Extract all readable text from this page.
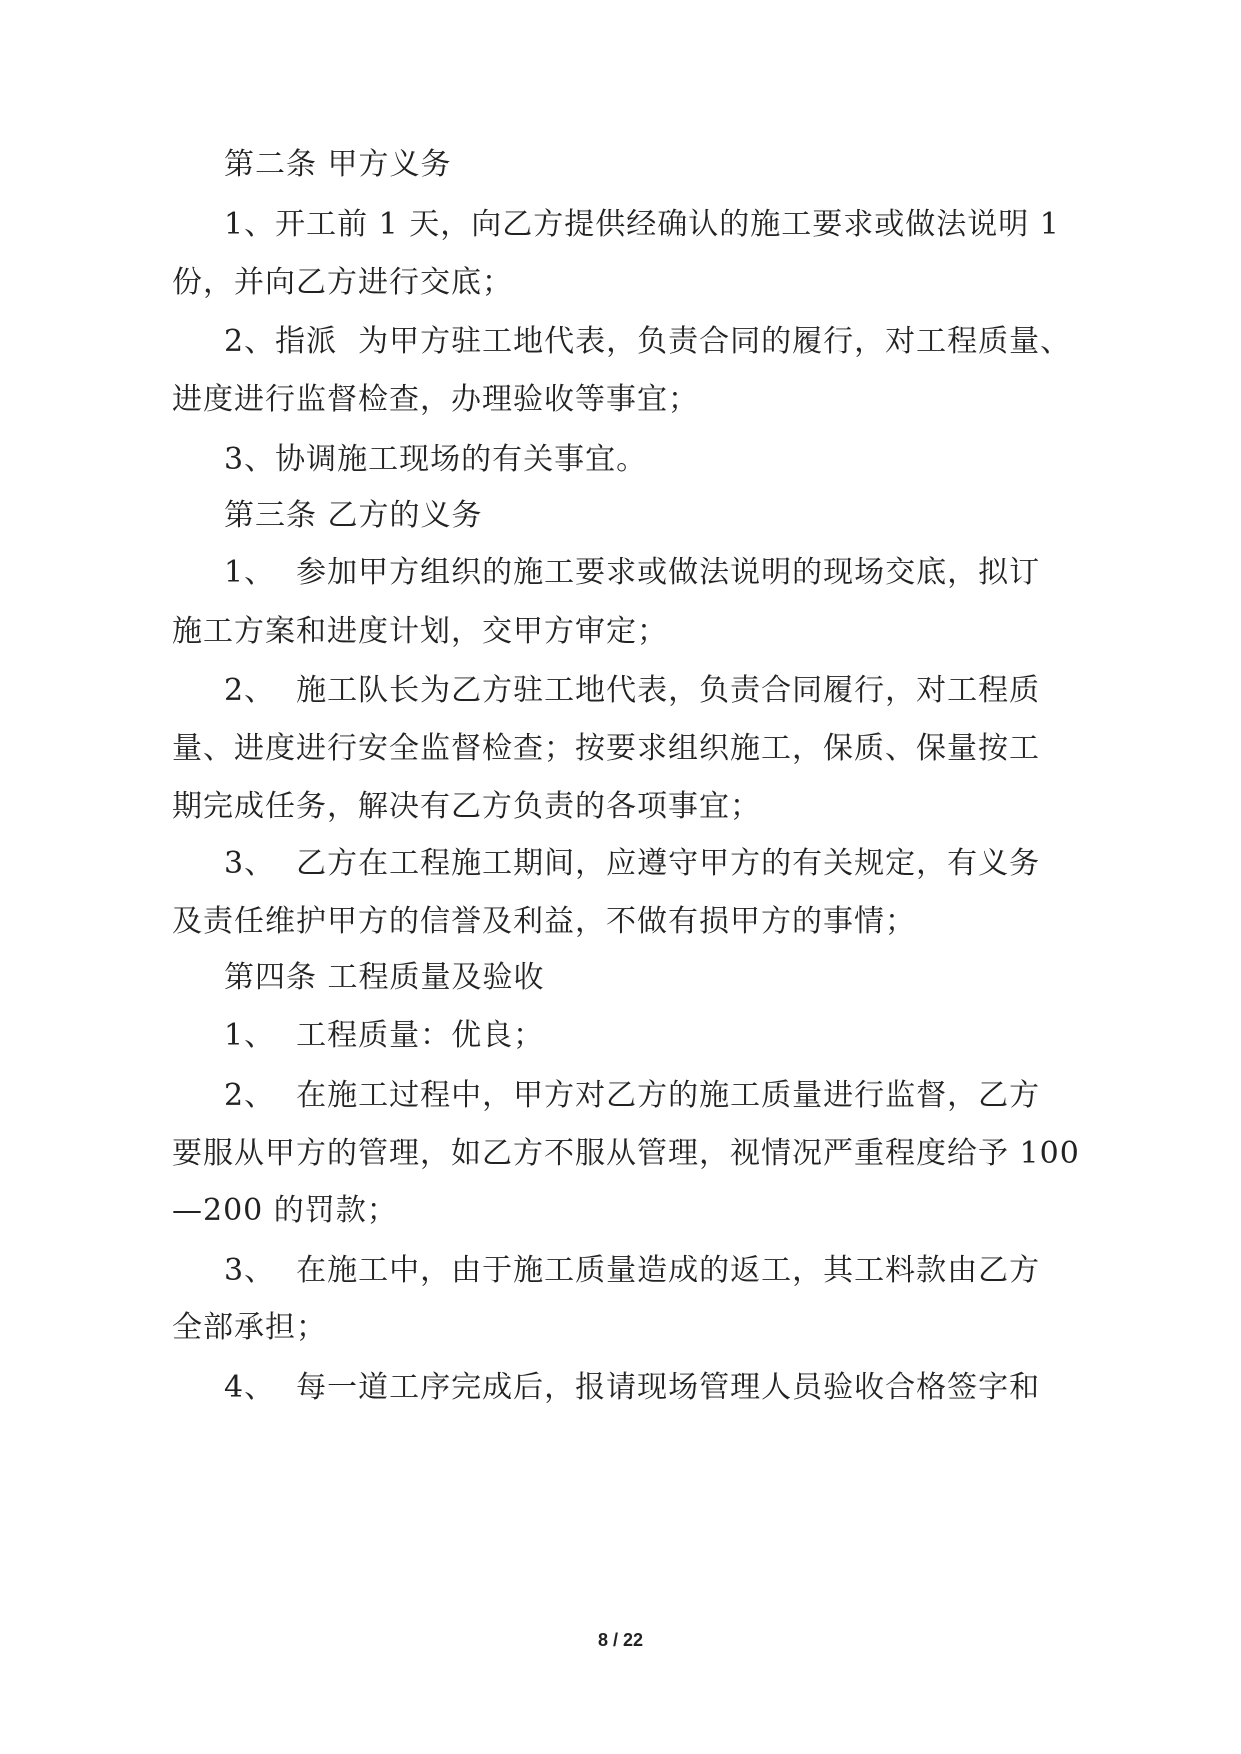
第二条 甲方义务
1、开工前 1 天，向乙方提供经确认的施工要求或做法说明 1
份，并向乙方进行交底；
2、指派  为甲方驻工地代表，负责合同的履行，对工程质量、
进度进行监督检查，办理验收等事宜；
3、协调施工现场的有关事宜。
第三条 乙方的义务
1、  参加甲方组织的施工要求或做法说明的现场交底，拟订
施工方案和进度计划，交甲方审定；
2、  施工队长为乙方驻工地代表，负责合同履行，对工程质
量、进度进行安全监督检查；按要求组织施工，保质、保量按工
期完成任务，解决有乙方负责的各项事宜；
3、  乙方在工程施工期间，应遵守甲方的有关规定，有义务
及责任维护甲方的信誉及利益，不做有损甲方的事情；
第四条 工程质量及验收
1、  工程质量：优良；
2、  在施工过程中，甲方对乙方的施工质量进行监督，乙方
要服从甲方的管理，如乙方不服从管理，视情况严重程度给予 100
—200 的罚款；
3、  在施工中，由于施工质量造成的返工，其工料款由乙方
全部承担；
4、  每一道工序完成后，报请现场管理人员验收合格签字和
8 / 22
